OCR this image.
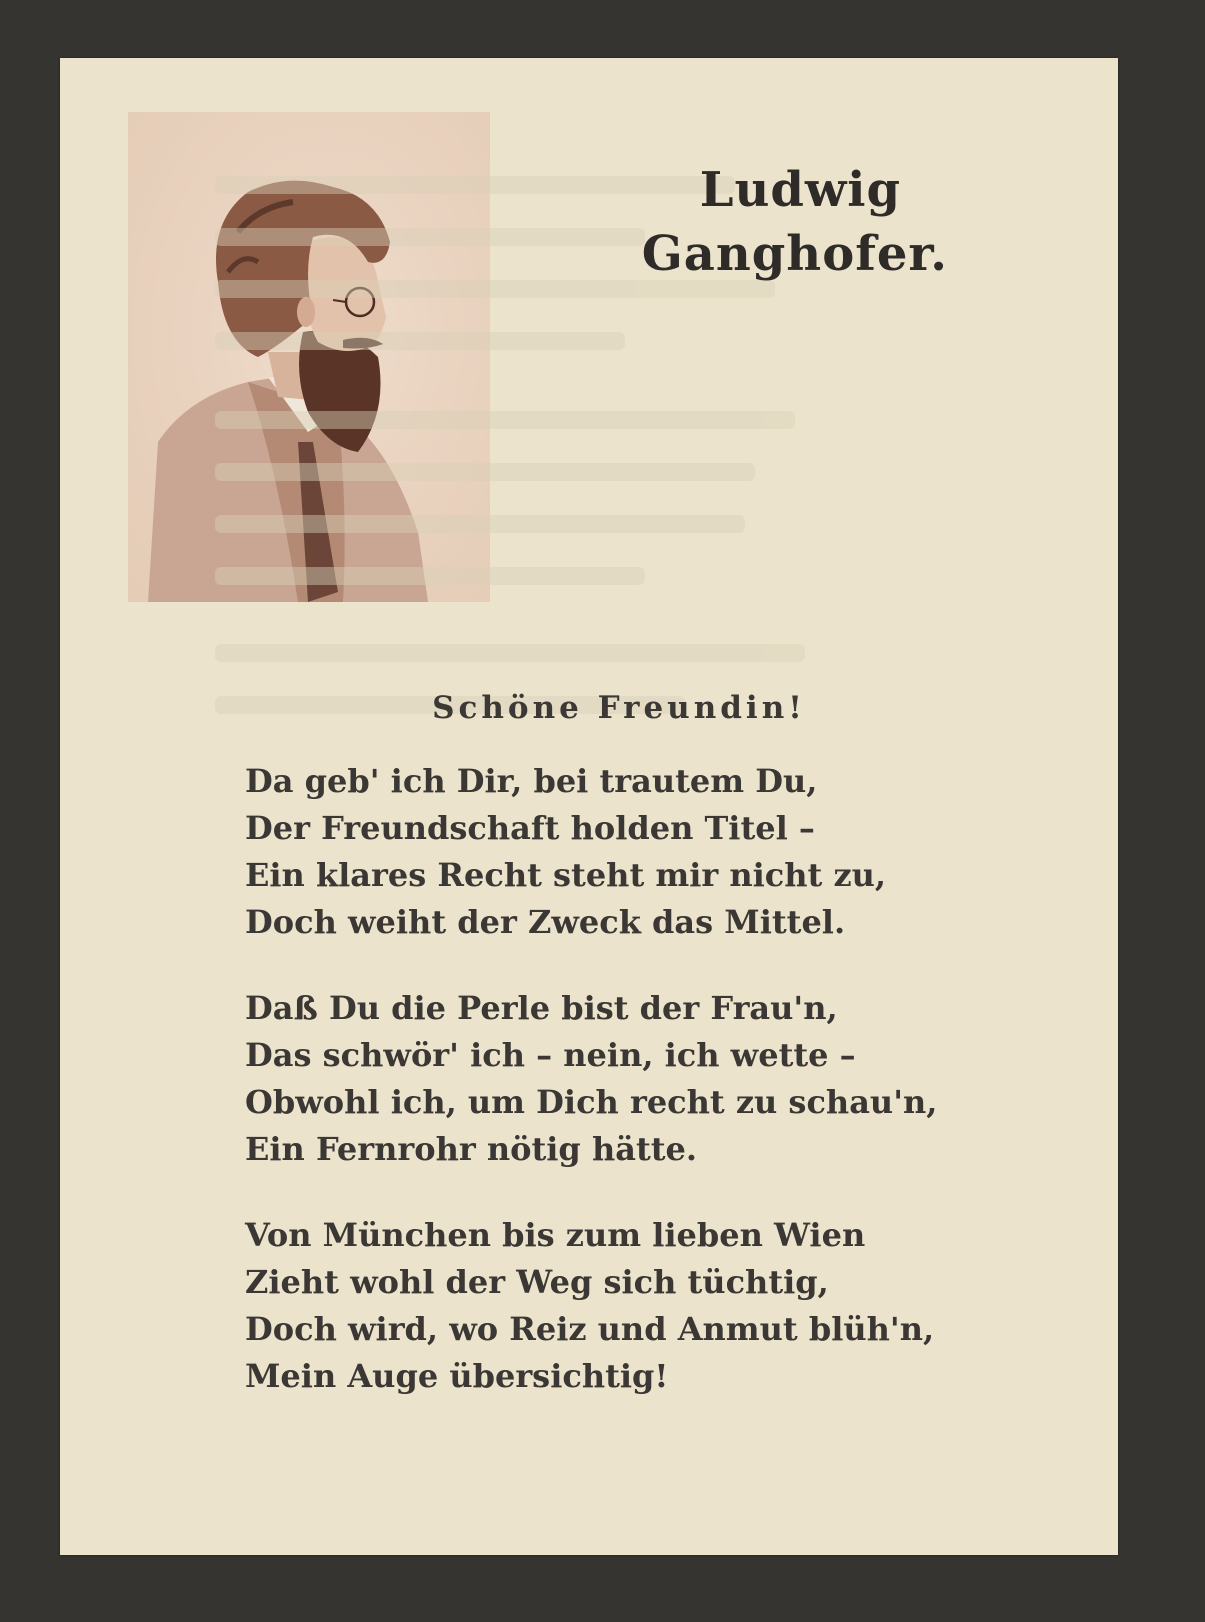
Ludwig
Ganghofer.
Schöne Freundin!
Da geb' ich Dir, bei trautem Du,
Der Freundschaft holden Titel –
Ein klares Recht steht mir nicht zu,
Doch weiht der Zweck das Mittel.
Daß Du die Perle bist der Frau'n,
Das schwör' ich – nein, ich wette –
Obwohl ich, um Dich recht zu schau'n,
Ein Fernrohr nötig hätte.
Von München bis zum lieben Wien
Zieht wohl der Weg sich tüchtig,
Doch wird, wo Reiz und Anmut blüh'n,
Mein Auge übersichtig!
